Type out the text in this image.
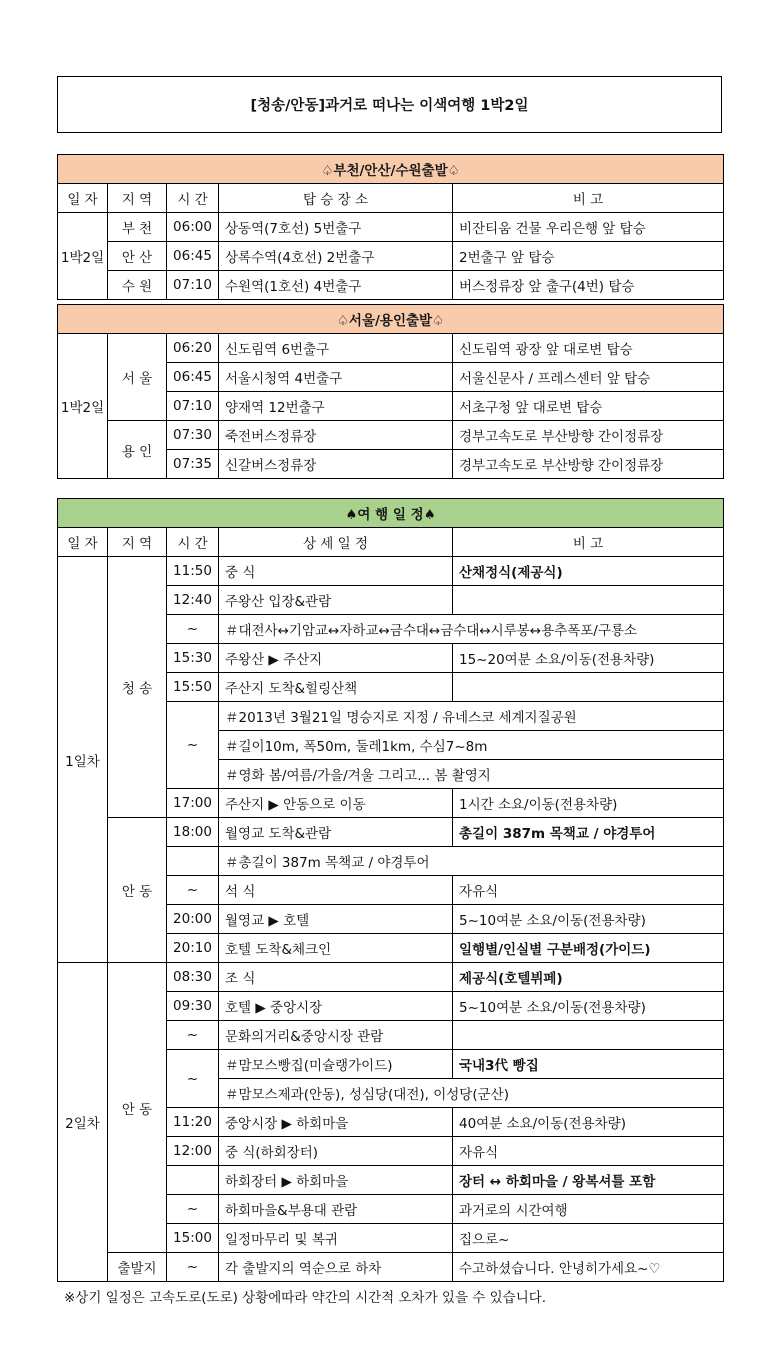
[청송/안동]과거로 떠나는 이색여행 1박2일
♤부천/안산/수원출발♤				
일 자	지 역	시 간	탑 승 장 소	비 고
1박2일	부 천	06:00	상동역(7호선) 5번출구	비잔티움 건물 우리은행 앞 탑승
	안 산	06:45	상록수역(4호선) 2번출구	2번출구 앞 탑승
	수 원	07:10	수원역(1호선) 4번출구	버스정류장 앞 출구(4번) 탑승
♤서울/용인출발♤				
1박2일	서 울	06:20	신도림역 6번출구	신도림역 광장 앞 대로변 탑승
		06:45	서울시청역 4번출구	서울신문사 / 프레스센터 앞 탑승
		07:10	양재역 12번출구	서초구청 앞 대로변 탑승
	용 인	07:30	죽전버스정류장	경부고속도로 부산방향 간이정류장
		07:35	신갈버스정류장	경부고속도로 부산방향 간이정류장
♠여 행 일 정♠				
일 자	지 역	시 간	상 세 일 정	비 고
1일차	청 송	11:50	중 식	산채정식(제공식)
		12:40	주왕산 입장&관람	
		~	＃대전사↔기암교↔자하교↔금수대↔금수대↔시루봉↔용추폭포/구룡소	
		15:30	주왕산 ▶ 주산지	15~20여분 소요/이동(전용차량)
		15:50	주산지 도착&힐링산책	
		~	＃2013년 3월21일 명승지로 지정 / 유네스코 세계지질공원	
			＃길이10m, 폭50m, 둘레1km, 수심7~8m	
			＃영화 봄/여름/가을/겨울 그리고... 봄 촬영지	
		17:00	주산지 ▶ 안동으로 이동	1시간 소요/이동(전용차량)
	안 동	18:00	월영교 도착&관람	총길이 387m 목책교 / 야경투어
			＃총길이 387m 목책교 / 야경투어	
		~	석 식	자유식
		20:00	월영교 ▶ 호텔	5~10여분 소요/이동(전용차량)
		20:10	호텔 도착&체크인	일행별/인실별 구분배정(가이드)
2일차	안 동	08:30	조 식	제공식(호텔뷔페)
		09:30	호텔 ▶ 중앙시장	5~10여분 소요/이동(전용차량)
		~	문화의거리&중앙시장 관람	
		~	＃맘모스빵집(미슐랭가이드)	국내3代 빵집
			＃맘모스제과(안동), 성심당(대전), 이성당(군산)	
		11:20	중앙시장 ▶ 하회마을	40여분 소요/이동(전용차량)
		12:00	중 식(하회장터)	자유식
			하회장터 ▶ 하회마을	장터 ↔ 하회마을 / 왕복셔틀 포함
		~	하회마을&부용대 관람	과거로의 시간여행
		15:00	일정마무리 및 복귀	집으로~
	출발지	~	각 출발지의 역순으로 하차	수고하셨습니다. 안녕히가세요~♡
※상기 일정은 고속도로(도로) 상황에따라 약간의 시간적 오차가 있을 수 있습니다.
